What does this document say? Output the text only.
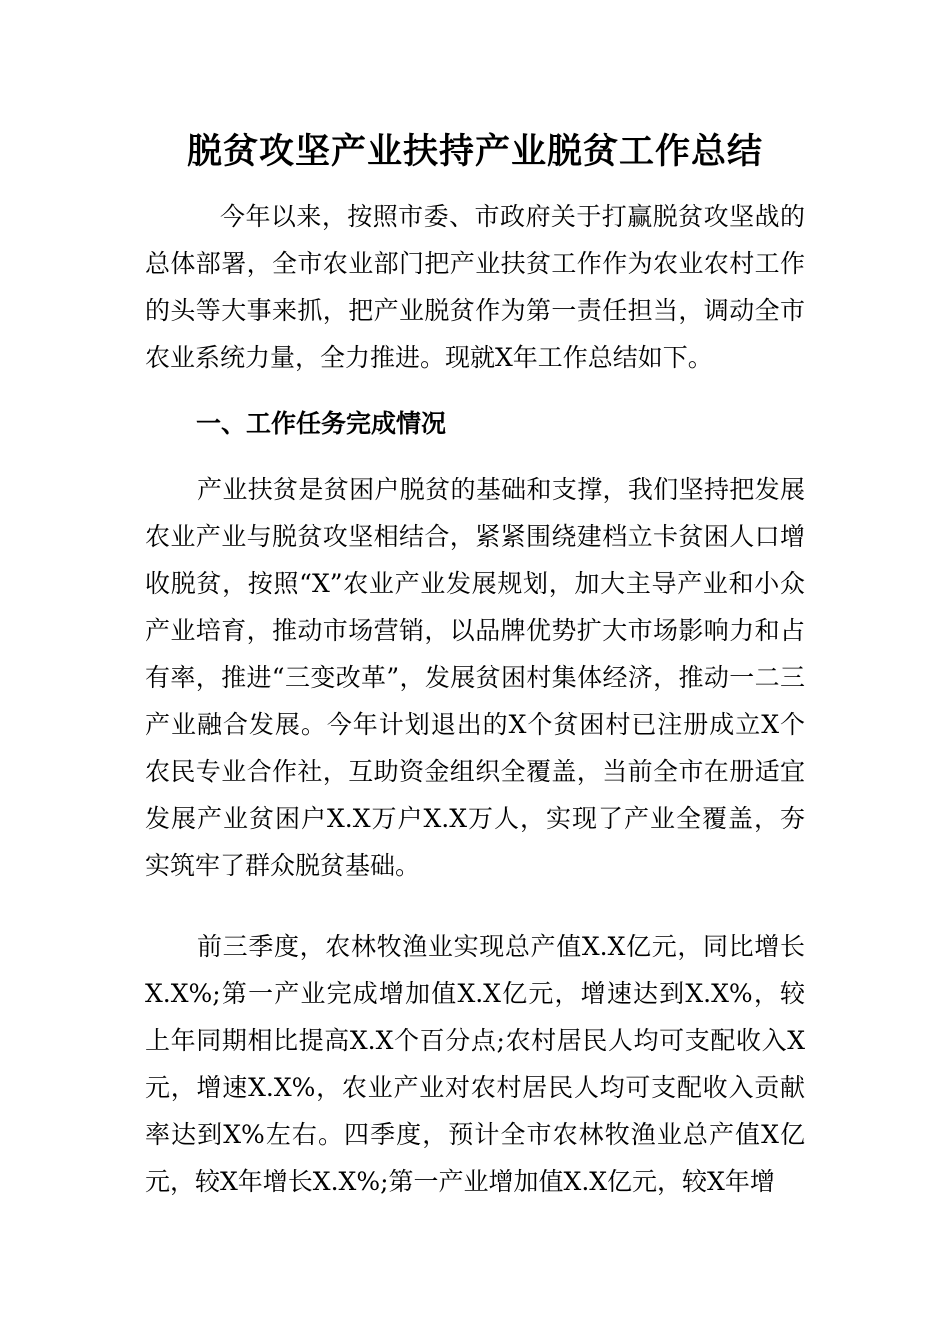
脱贫攻坚产业扶持产业脱贫工作总结
今年以来，按照市委、市政府关于打赢脱贫攻坚战的总体部署，全市农业部门把产业扶贫工作作为农业农村工作的头等大事来抓，把产业脱贫作为第一责任担当，调动全市农业系统力量，全力推进。现就X年工作总结如下。
一、工作任务完成情况
产业扶贫是贫困户脱贫的基础和支撑，我们坚持把发展农业产业与脱贫攻坚相结合，紧紧围绕建档立卡贫困人口增收脱贫，按照“X”农业产业发展规划，加大主导产业和小众产业培育，推动市场营销，以品牌优势扩大市场影响力和占有率，推进“三变改革”，发展贫困村集体经济，推动一二三产业融合发展。今年计划退出的X个贫困村已注册成立X个农民专业合作社，互助资金组织全覆盖，当前全市在册适宜发展产业贫困户X.X万户X.X万人，实现了产业全覆盖，夯实筑牢了群众脱贫基础。
前三季度，农林牧渔业实现总产值X.X亿元，同比增长X.X%;第一产业完成增加值X.X亿元，增速达到X.X%，较上年同期相比提高X.X个百分点;农村居民人均可支配收入X元，增速X.X%，农业产业对农村居民人均可支配收入贡献率达到X%左右。四季度，预计全市农林牧渔业总产值X亿元，较X年增长X.X%;第一产业增加值X.X亿元，较X年增
